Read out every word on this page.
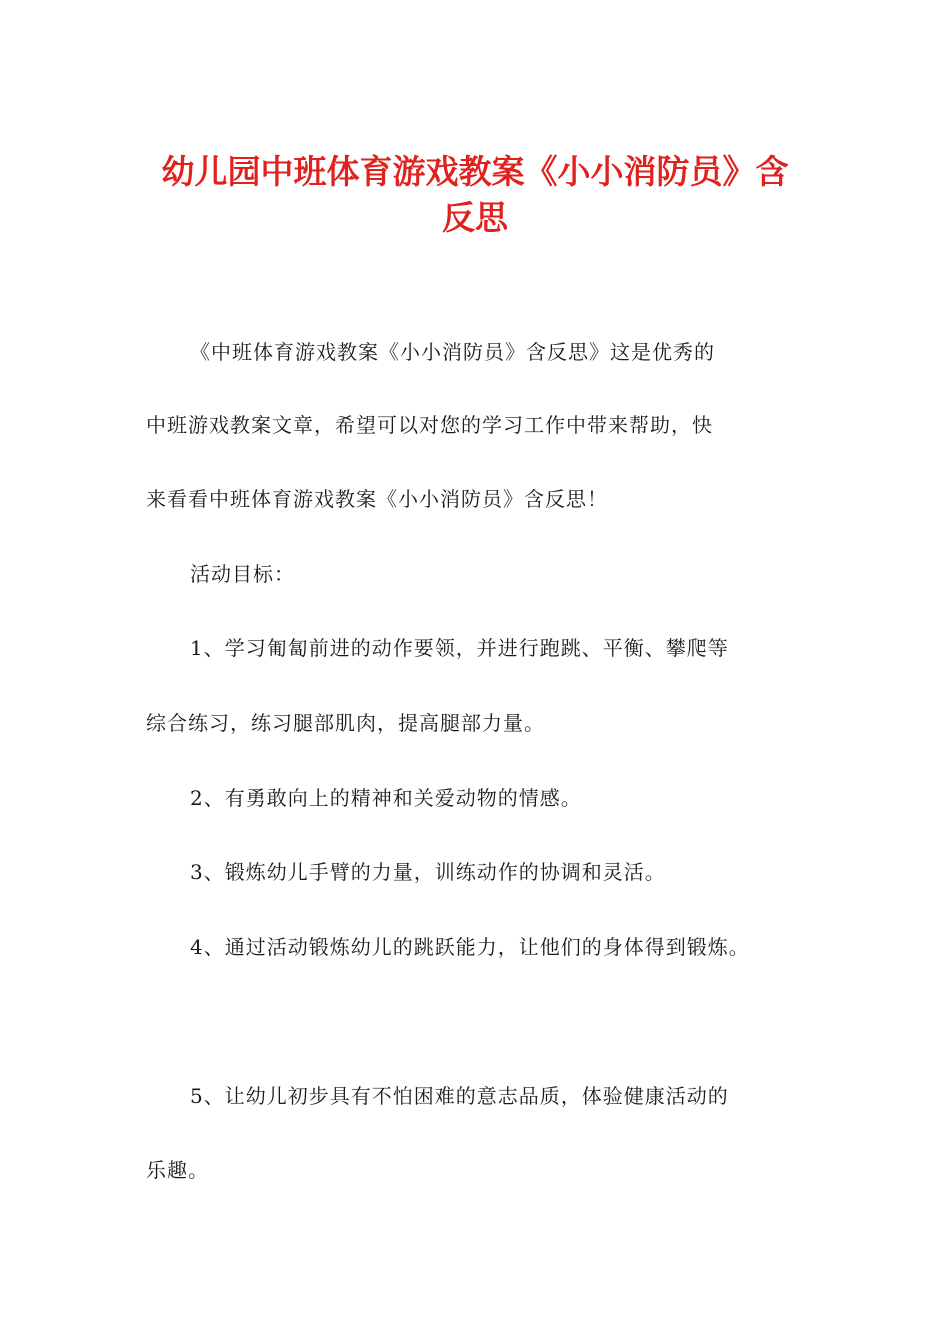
幼儿园中班体育游戏教案《小小消防员》含
反思

《中班体育游戏教案《小小消防员》含反思》这是优秀的

中班游戏教案文章，希望可以对您的学习工作中带来帮助，快

来看看中班体育游戏教案《小小消防员》含反思！

活动目标：

1、学习匍匐前进的动作要领，并进行跑跳、平衡、攀爬等

综合练习，练习腿部肌肉，提高腿部力量。

2、有勇敢向上的精神和关爱动物的情感。

3、锻炼幼儿手臂的力量，训练动作的协调和灵活。

4、通过活动锻炼幼儿的跳跃能力，让他们的身体得到锻炼。

5、让幼儿初步具有不怕困难的意志品质，体验健康活动的

乐趣。
